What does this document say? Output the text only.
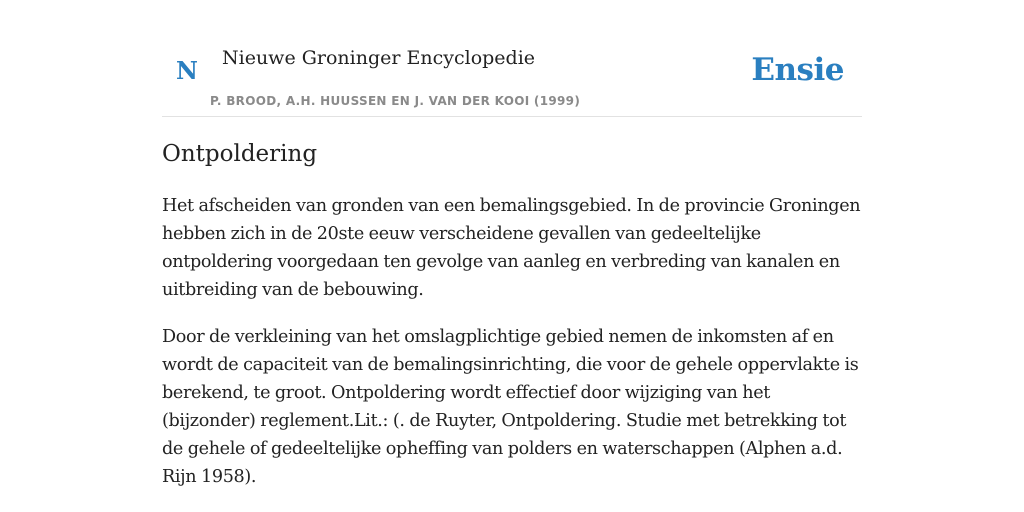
N Nieuwe Groninger Encyclopedie
P. BROOD, A.H. HUUSSEN EN J. VAN DER KOOI (1999)
Ensie
Ontpoldering

Het afscheiden van gronden van een bemalingsgebied. In de provincie Groningen hebben zich in de 20ste eeuw verscheidene gevallen van gedeeltelijke ontpoldering voorgedaan ten gevolge van aanleg en verbreding van kanalen en uitbreiding van de bebouwing.

Door de verkleining van het omslagplichtige gebied nemen de inkomsten af en wordt de capaciteit van de bemalingsinrichting, die voor de gehele oppervlakte is berekend, te groot. Ontpoldering wordt effectief door wijziging van het (bijzonder) reglement.Lit.: (. de Ruyter, Ontpoldering. Studie met betrekking tot de gehele of gedeeltelijke opheffing van polders en waterschappen (Alphen a.d. Rijn 1958).
